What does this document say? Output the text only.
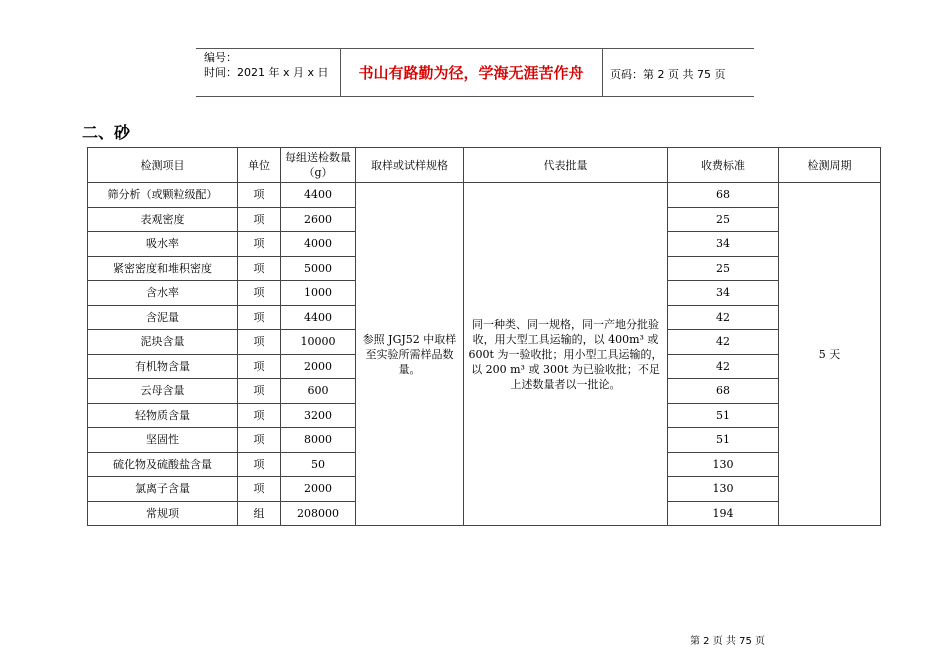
编号：
时间：2021 年 x 月 x 日	书山有路勤为径，学海无涯苦作舟	页码：第 2 页 共 75 页
二、砂
检测项目	单位	每组送检数量（g）	取样或试样规格	代表批量	收费标准	检测周期
筛分析（或颗粒级配）	项	4400	参照 JGJ52 中取样至实验所需样品数量。	同一种类、同一规格，同一产地分批验收，用大型工具运输的，以 400m³ 或 600t 为一验收批；用小型工具运输的，以 200 m³ 或 300t 为已验收批；不足上述数量者以一批论。	68	5 天
表观密度	项	2600			25	
吸水率	项	4000			34	
紧密密度和堆积密度	项	5000			25	
含水率	项	1000			34	
含泥量	项	4400			42	
泥块含量	项	10000			42	
有机物含量	项	2000			42	
云母含量	项	600			68	
轻物质含量	项	3200			51	
坚固性	项	8000			51	
硫化物及硫酸盐含量	项	50			130	
氯离子含量	项	2000			130	
常规项	组	208000			194	
第 2 页 共 75 页
